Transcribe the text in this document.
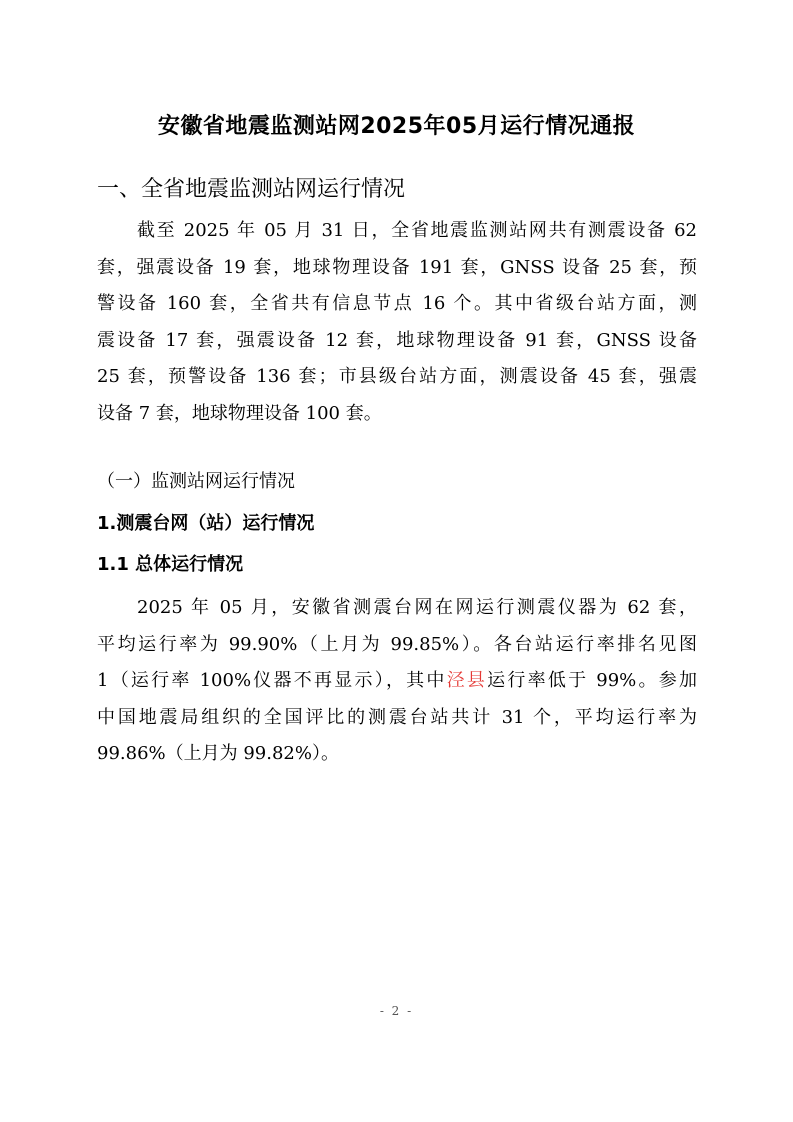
安徽省地震监测站网2025年05月运行情况通报
一、全省地震监测站网运行情况
截至 2025 年 05 月 31 日，全省地震监测站网共有测震设备 62
套，强震设备 19 套，地球物理设备 191 套，GNSS 设备 25 套，预
警设备 160 套，全省共有信息节点 16 个。其中省级台站方面，测
震设备 17 套，强震设备 12 套，地球物理设备 91 套，GNSS 设备
25 套，预警设备 136 套；市县级台站方面，测震设备 45 套，强震
设备 7 套，地球物理设备 100 套。
（一）监测站网运行情况
1.测震台网（站）运行情况
1.1 总体运行情况
2025 年 05 月，安徽省测震台网在网运行测震仪器为 62 套，
平均运行率为 99.90%（上月为 99.85%）。各台站运行率排名见图
1（运行率 100%仪器不再显示），其中泾县运行率低于 99%。参加
中国地震局组织的全国评比的测震台站共计 31 个，平均运行率为
99.86%（上月为 99.82%）。
- 2 -
